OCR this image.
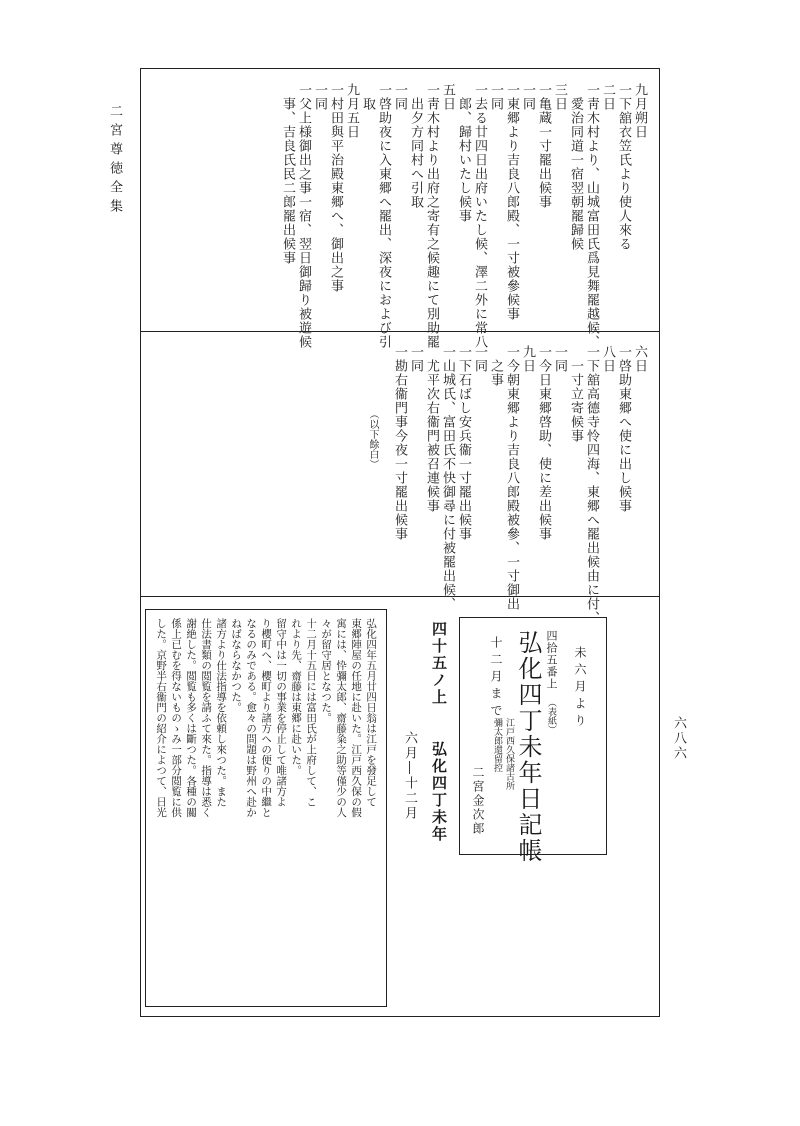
二宮尊徳全集
六八六
九月朔日
一下舘衣笠氏より使人來る
二日
一靑木村より、山城富田氏爲見舞罷越候、
　愛治同道一宿翌朝罷歸候
三日
一亀蔵一寸罷出候事
一同
一東郷より吉良八郎殿、一寸被參候事
一同
一去る廿四日出府いたし候、澤二外に常八
　郎、歸村いたし候事
五日
一靑木村より出府之寄有之候趣にて別助罷
　出夕方同村へ引取
一同
一啓助夜に入東郷へ罷出、深夜におよび引
　取
九月五日
一村田與平治殿東郷へ、御出之事
一同
一父上様御出之事一宿、翌日御歸り被遊候
　事、吉良氏民二郎罷出候事
六日
一啓助東郷へ使に出し候事
八日
一下舘高德寺怜四海、東郷へ罷出候由に付、
　一寸立寄候事
一同
一今日東郷啓助、使に差出候事
九日
一今朝東郷より吉良八郎殿被參、一寸御出
　之事
一同
一下石ばし安兵衞一寸罷出候事
一山城氏、富田氏不快御尋に付被罷出候、
　尤平次右衞門被召連候事
一同
一勘右衞門事今夜一寸罷出候事
（以下餘白）
未六月より
四拾五番上
（表紙）
弘化四丁未年日記帳
十二月まで
江戸西久保諸古所
彌太郎還留控
二宮金次郎
四十五ノ上
弘化四丁未年
六月―十二月
弘化四年五月廿四日翁は江戸を發足して
東郷陣屋の任地に赴いた。江戸西久保の假
寓には、忰彌太郎、齋藤粂之助等僅少の人
々が留守居となつた。
十二月十五日には富田氏が上府して、こ
れより先、齋藤は東郷に赴いた。
留守中は一切の事業を停止して唯諸方よ
り櫻町へ、櫻町より諸方への便りの中繼と
なるのみである。愈々の問題は野州へ赴か
ねばならなかつた。
諸方より仕法指導を依頼し來つた。また
仕法書類の閲覧を請ふて來た。指導は悉く
謝絶した。閲覧も多くは斷つた。各種の關
係上已むを得ないものゝみ一部分閲覧に供
した。京野半右衞門の紹介によつて、日光
